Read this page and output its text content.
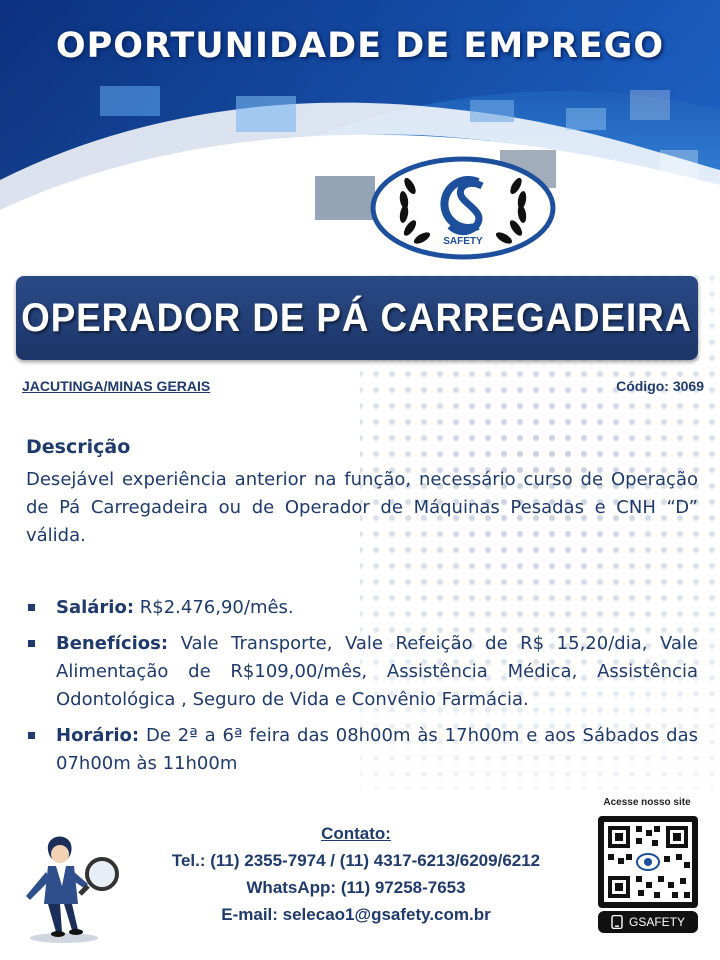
OPORTUNIDADE DE EMPREGO
SAFETY
OPERADOR DE PÁ CARREGADEIRA
JACUTINGA/MINAS GERAIS	Código: 3069
Descrição
Desejável experiência anterior na função, necessário curso de Operação de Pá Carregadeira ou de Operador de Máquinas Pesadas e CNH “D” válida.
Salário: R$2.476,90/mês.
Benefícios: Vale Transporte, Vale Refeição de R$ 15,20/dia, Vale Alimentação de R$109,00/mês, Assistência Médica, Assistência Odontológica , Seguro de Vida e Convênio Farmácia.
Horário: De 2ª a 6ª feira das 08h00m às 17h00m e aos Sábados das 07h00m às 11h00m
Contato:
Tel.: (11) 2355-7974 / (11) 4317-6213/6209/6212
WhatsApp: (11) 97258-7653
E-mail: selecao1@gsafety.com.br
Acesse nosso site
GSAFETY
